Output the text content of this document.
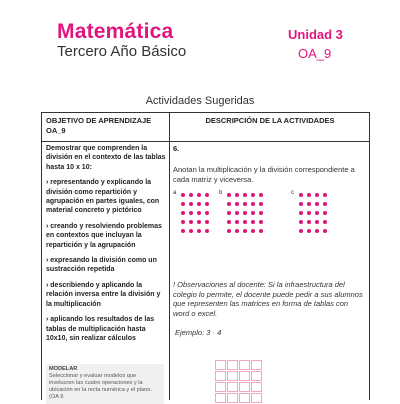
Matemática
Tercero Año Básico
Unidad 3
OA_9
Actividades Sugeridas
OBJETIVO DE APRENDIZAJE OA_9
DESCRIPCIÓN DE LA ACTIVIDADES

Demostrar que comprenden la división en el contexto de las tablas hasta 10 x 10:

› representando y explicando la división como repartición y agrupación en partes iguales, con material concreto y pictórico

› creando y resolviendo problemas en contextos que incluyan la repartición y la agrupación

› expresando la división como un sustracción repetida

› describiendo y aplicando la relación inversa entre la división y la multiplicación

› aplicando los resultados de las tablas de multiplicación hasta 10x10, sin realizar cálculos

MODELAR
Seleccionar y evaluar modelos que involucren las cuatro operaciones y la ubicación en la recta numérica y el plano. (OA 9
6.
Anotan la multiplicación y la división correspondiente a cada matriz y viceversa.
a	b	c
! Observaciones al docente: Si la infraestructura del colegio lo permite, el docente puede pedir a sus alumnos que representen las matrices en forma de tablas con word o excel.
Ejemplo: 3 · 4
